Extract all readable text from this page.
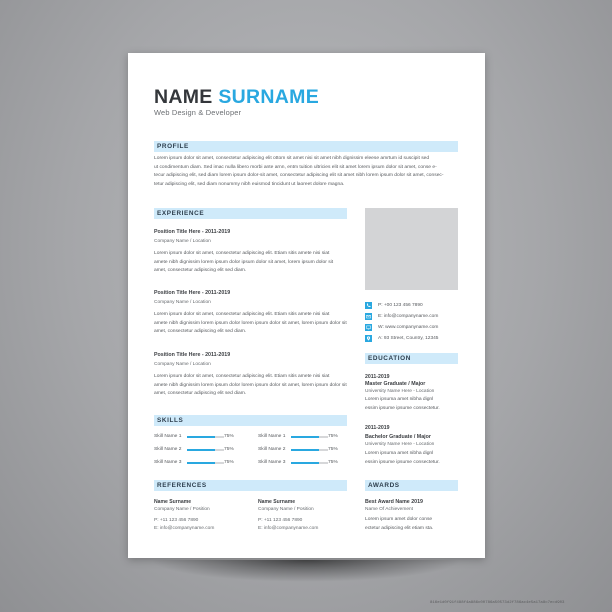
NAME SURNAME
Web Design & Developer
PROFILE
Lorem ipsum dolor sit amet, consectetur adipiscing elit ottom sit amet nisi sit amet nibh dignissim eleese amrtum id suscipit sed
ut condimentum diam. Sed imac nulla libero morbi ante arnn, entm tuition ultricies elit sit amet lorem ipsum dolor sit amet, conse e-
tecur adipiscing elit, sed diam lorem ipsum dolor-sit amet, consectetur adipiscing elit sit amet nibh lorem ipsum dolor sit amet, consec-
tetur adipiscing elit, sed diam nonummy nibh euismod tincidunt ut laoreet dolore magna.
EXPERIENCE
Position Title Here - 2011-2019
Company Name / Location
Lorem ipsum dolor sit amet, consectetur adipiscing elit. Etiam sitis amete nisi siat
amete nibh dignissim lorem ipsum dolor ipsum dolor sit amet, lorem ipsum dolor sit
amet, consectetur adipiscing elit sed diam.
Position Title Here - 2011-2019
Company Name / Location
Lorem ipsum dolor sit amet, consectetur adipiscing elit. Etiam sitis amete nisi siat
amete nibh dignissim lorem ipsum dolor lorem ipsum dolor sit amet, lorem ipsum dolor sit
amet, consectetur adipiscing elit sed diam.
Position Title Here - 2011-2019
Company Name / Location
Lorem ipsum dolor sit amet, consectetur adipiscing elit. Etiam sitis amete nisi siat
amete nibh dignissim lorem ipsum dolor lorem ipsum dolor sit amet, lorem ipsum dolor sit
amet, consectetur adipiscing elit sed diam.
P: +00 123 456 7890
E: info@companyname.com
W: www.companyname.com
A: 93 Street, Country, 12345
EDUCATION
2011-2019
Master Graduate / Major
University Name Here - Location
Lorem ipsuma amet nibha dignl
essim ipsume ipsume consectetur.
2011-2019
Bachelor Graduate / Major
University Name Here - Location
Lorem ipsuma amet nibha dignl
essim ipsume ipsume consectetur.
SKILLS
Skill Name 1	75%
Skill Name 2	75%
Skill Name 3	75%
Skill Name 1	75%
Skill Name 2	75%
Skill Name 3	75%
REFERENCES
Name Surname
Company Name / Position
P: +11 123 456 7890
E: info@companyname.com
Name Surname
Company Name / Position
P: +11 123 456 7890
E: info@companyname.com
AWARDS
Best Award Name 2019
Name Of Achievement
Lorem ipsum amet dolor conse
ectetur adipiscing elit etiam sta.
816e1d0f91f488f4a886c00786a50573d2f786ac4e5a17a8c7ecd903
